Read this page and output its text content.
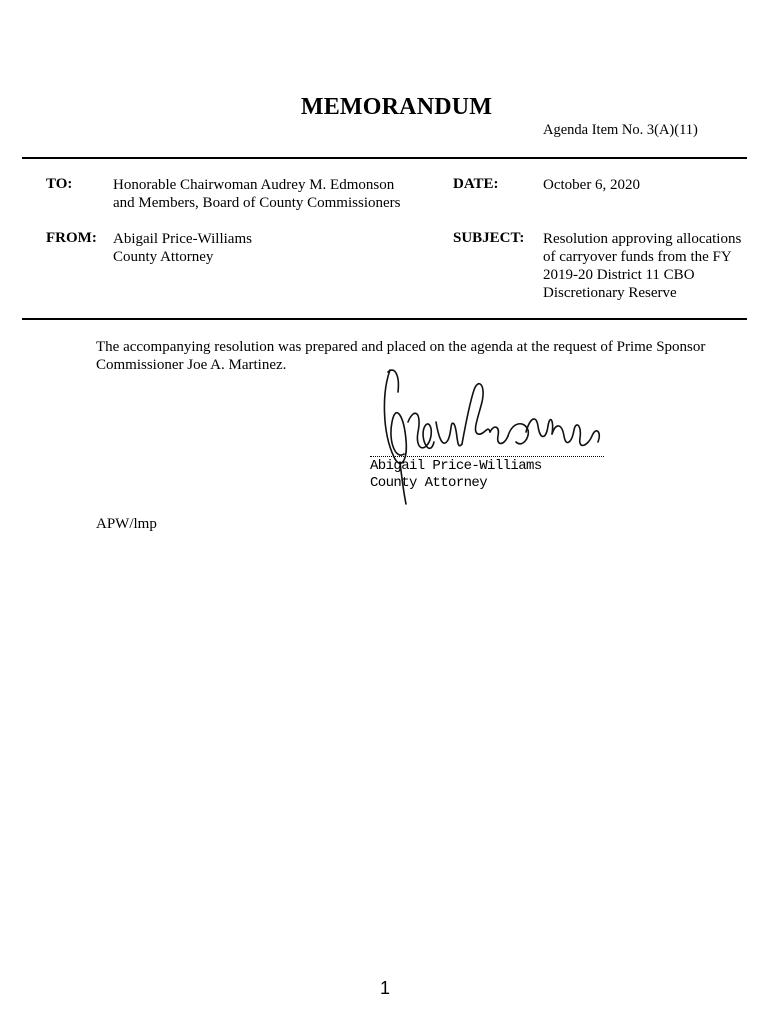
MEMORANDUM
Agenda Item No. 3(A)(11)
TO:	Honorable Chairwoman Audrey M. Edmonson
and Members, Board of County Commissioners
DATE:	October 6, 2020
FROM: Abigail Price-Williams
County Attorney
SUBJECT: Resolution approving allocations
of carryover funds from the FY
2019-20 District 11 CBO
Discretionary Reserve
The accompanying resolution was prepared and placed on the agenda at the request of Prime Sponsor
Commissioner Joe A. Martinez.
Abigail Price-Williams
County Attorney
APW/lmp
1
